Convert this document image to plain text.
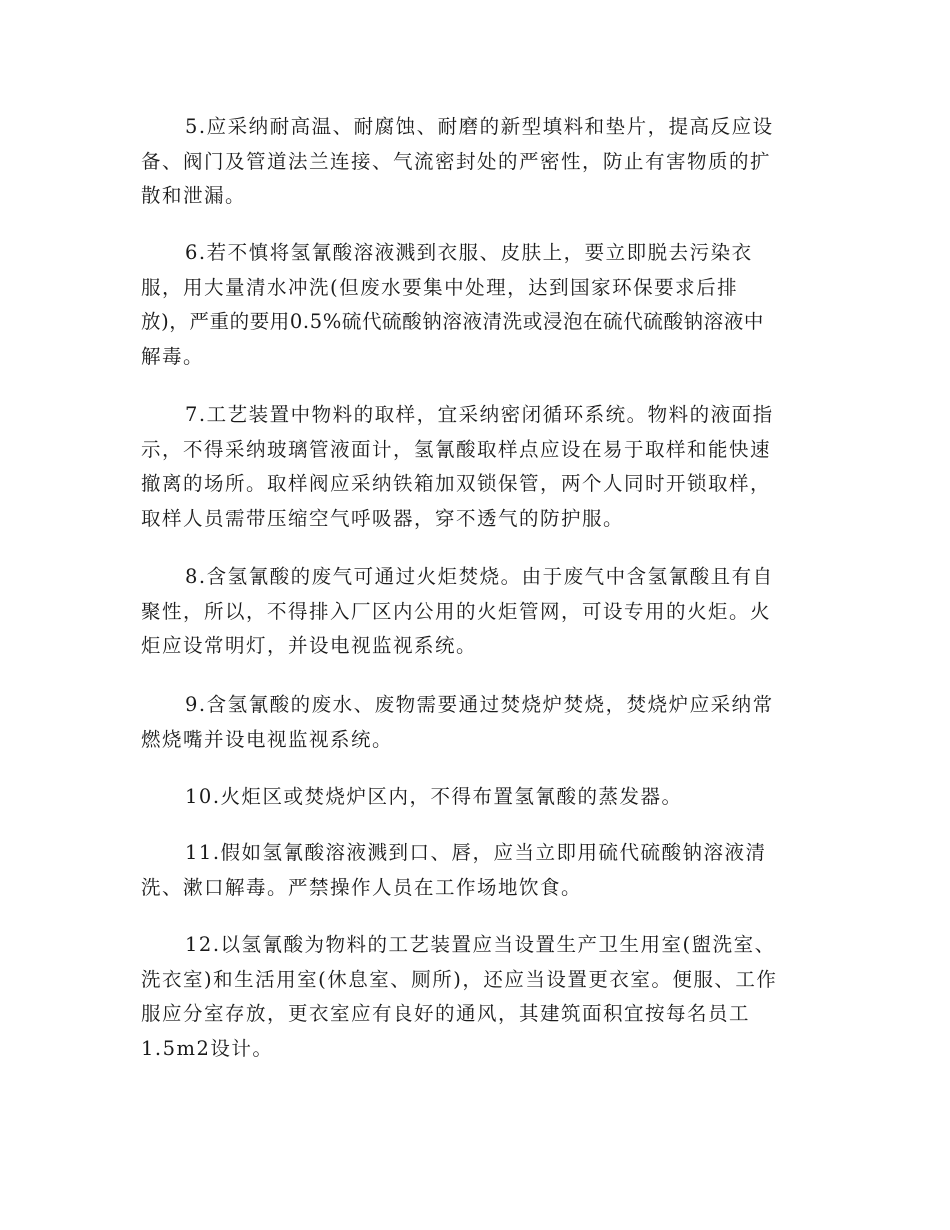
5.应采纳耐高温、耐腐蚀、耐磨的新型填料和垫片，提高反应设
备、阀门及管道法兰连接、气流密封处的严密性，防止有害物质的扩
散和泄漏。
6.若不慎将氢氰酸溶液溅到衣服、皮肤上，要立即脱去污染衣
服，用大量清水冲洗(但废水要集中处理，达到国家环保要求后排
放)，严重的要用0.5%硫代硫酸钠溶液清洗或浸泡在硫代硫酸钠溶液中
解毒。
7.工艺装置中物料的取样，宜采纳密闭循环系统。物料的液面指
示，不得采纳玻璃管液面计，氢氰酸取样点应设在易于取样和能快速
撤离的场所。取样阀应采纳铁箱加双锁保管，两个人同时开锁取样，
取样人员需带压缩空气呼吸器，穿不透气的防护服。
8.含氢氰酸的废气可通过火炬焚烧。由于废气中含氢氰酸且有自
聚性，所以，不得排入厂区内公用的火炬管网，可设专用的火炬。火
炬应设常明灯，并设电视监视系统。
9.含氢氰酸的废水、废物需要通过焚烧炉焚烧，焚烧炉应采纳常
燃烧嘴并设电视监视系统。
10.火炬区或焚烧炉区内，不得布置氢氰酸的蒸发器。
11.假如氢氰酸溶液溅到口、唇，应当立即用硫代硫酸钠溶液清
洗、漱口解毒。严禁操作人员在工作场地饮食。
12.以氢氰酸为物料的工艺装置应当设置生产卫生用室(盥洗室、
洗衣室)和生活用室(休息室、厕所)，还应当设置更衣室。便服、工作
服应分室存放，更衣室应有良好的通风，其建筑面积宜按每名员工
1.5m2设计。
